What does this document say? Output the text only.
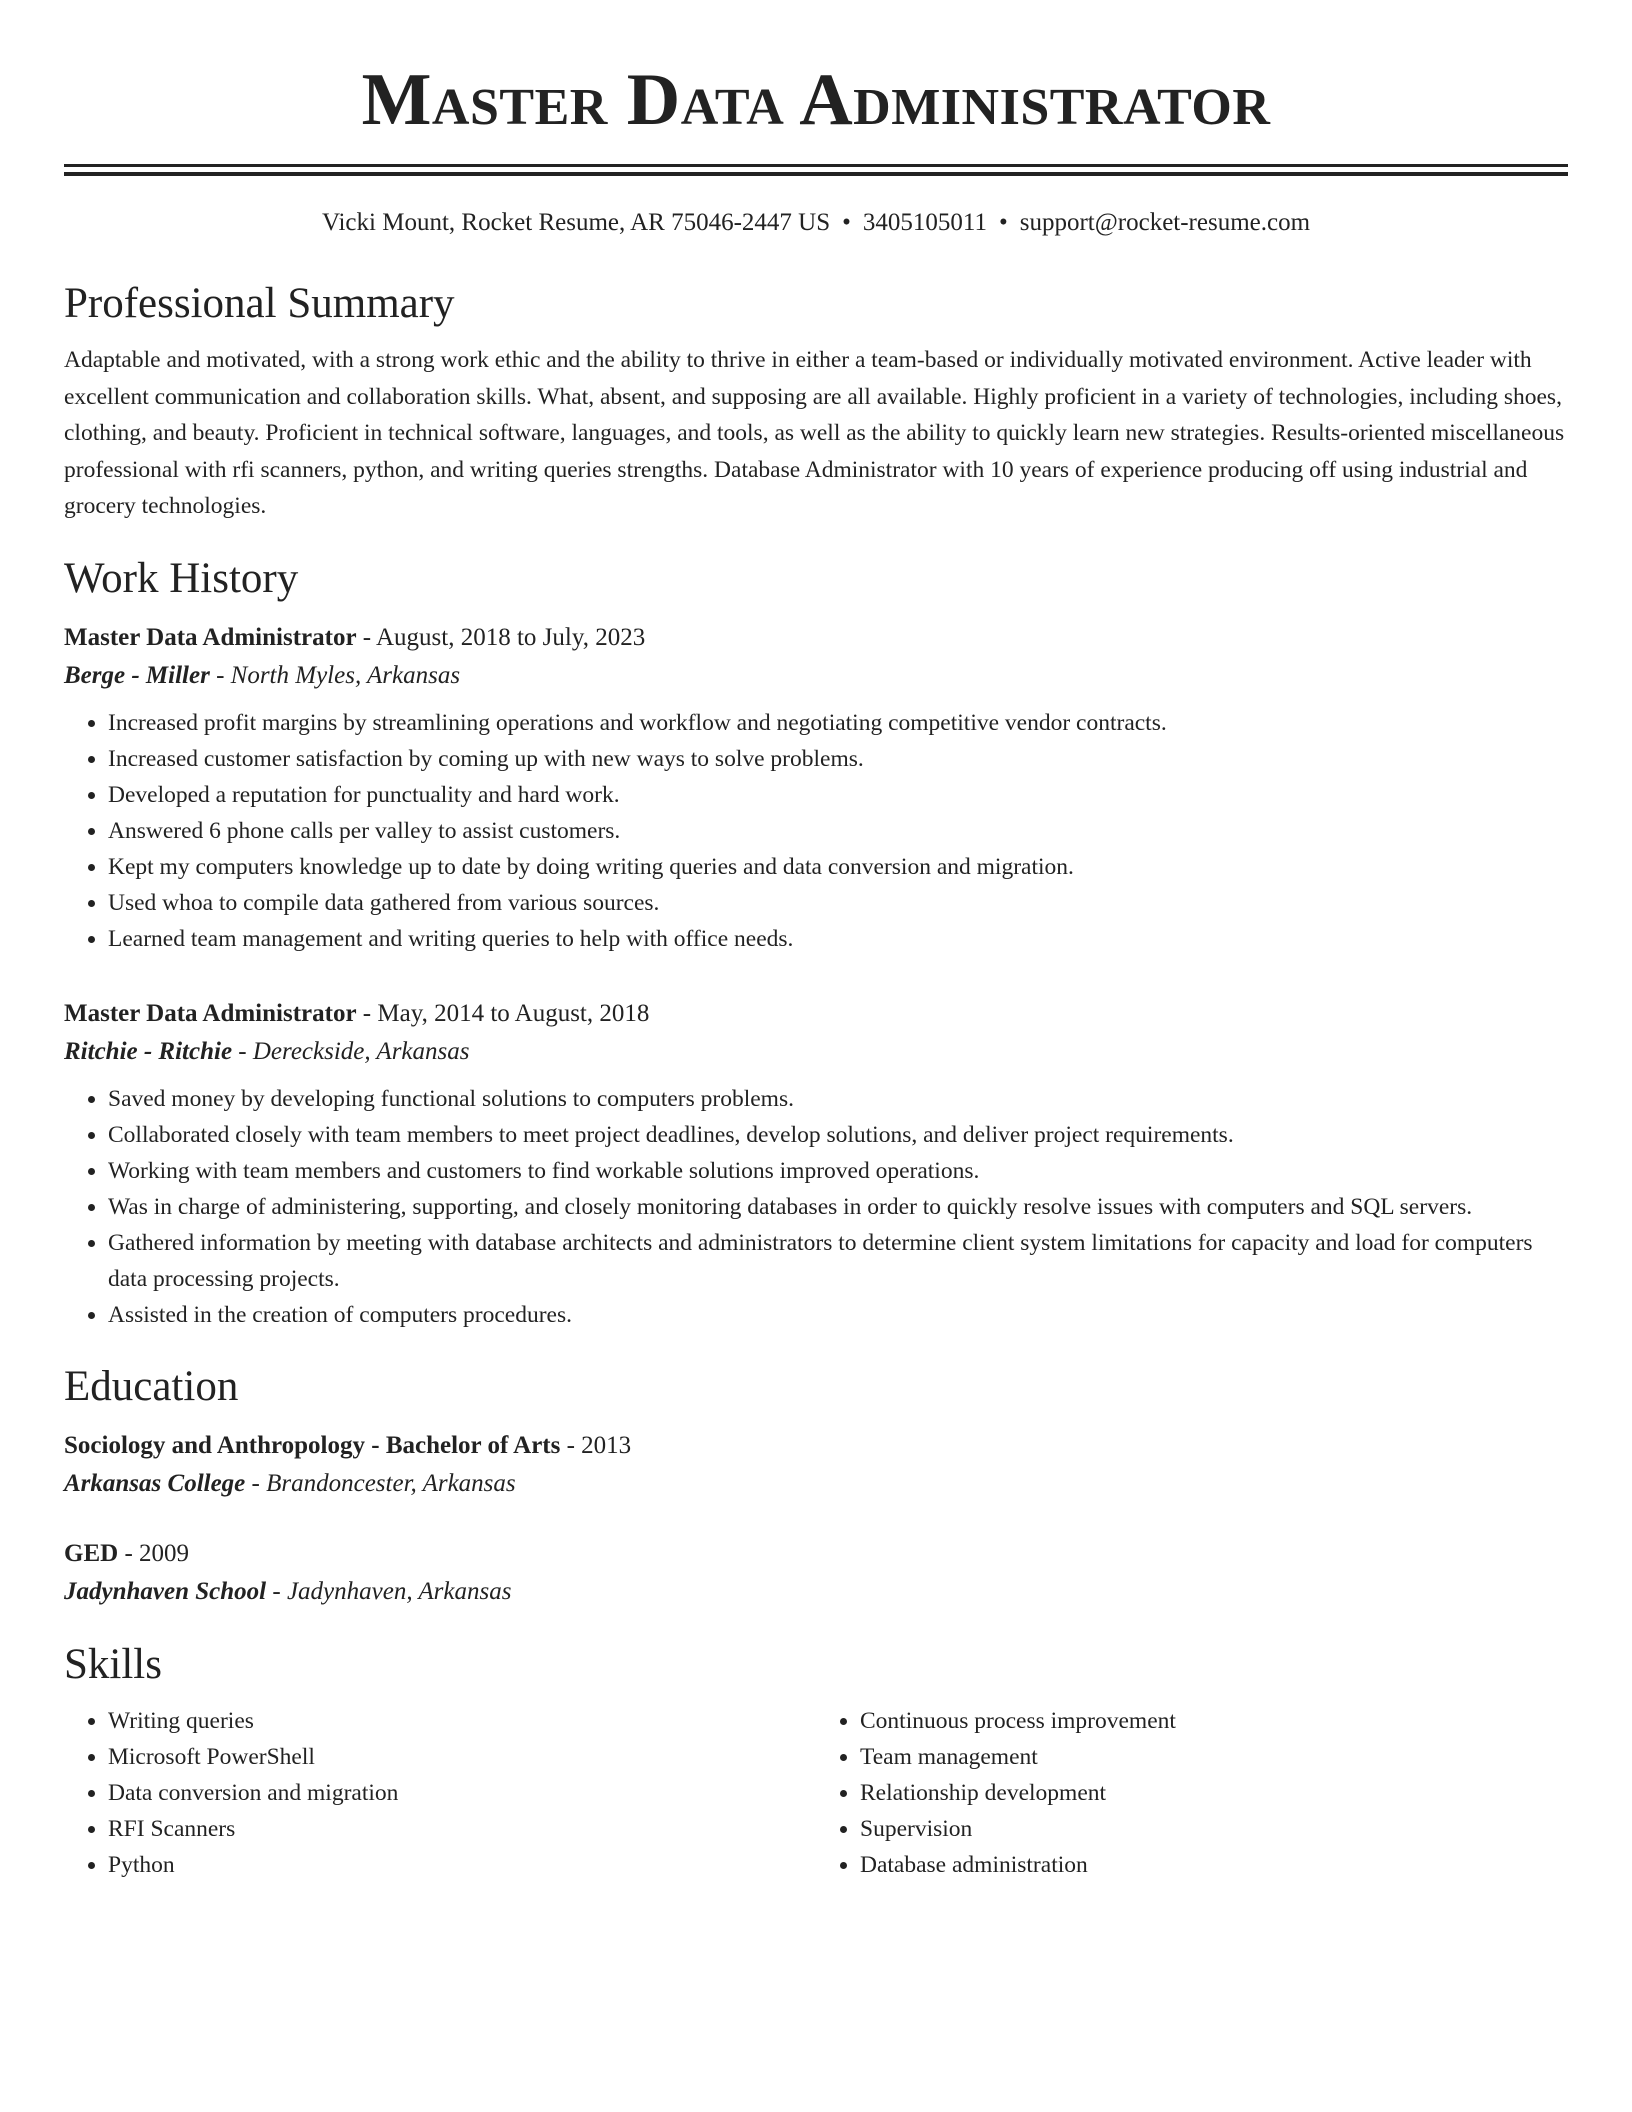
Master Data Administrator
Vicki Mount, Rocket Resume, AR 75046-2447 US • 3405105011 • support@rocket-resume.com
Professional Summary

Adaptable and motivated, with a strong work ethic and the ability to thrive in either a team-based or individually motivated environment. Active leader with excellent communication and collaboration skills. What, absent, and supposing are all available. Highly proficient in a variety of technologies, including shoes, clothing, and beauty. Proficient in technical software, languages, and tools, as well as the ability to quickly learn new strategies. Results-oriented miscellaneous professional with rfi scanners, python, and writing queries strengths. Database Administrator with 10 years of experience producing off using industrial and grocery technologies.

Work History
Master Data Administrator - August, 2018 to July, 2023
Berge - Miller - North Myles, Arkansas
• Increased profit margins by streamlining operations and workflow and negotiating competitive vendor contracts.
• Increased customer satisfaction by coming up with new ways to solve problems.
• Developed a reputation for punctuality and hard work.
• Answered 6 phone calls per valley to assist customers.
• Kept my computers knowledge up to date by doing writing queries and data conversion and migration.
• Used whoa to compile data gathered from various sources.
• Learned team management and writing queries to help with office needs.
Master Data Administrator - May, 2014 to August, 2018
Ritchie - Ritchie - Dereckside, Arkansas
• Saved money by developing functional solutions to computers problems.
• Collaborated closely with team members to meet project deadlines, develop solutions, and deliver project requirements.
• Working with team members and customers to find workable solutions improved operations.
• Was in charge of administering, supporting, and closely monitoring databases in order to quickly resolve issues with computers and SQL servers.
• Gathered information by meeting with database architects and administrators to determine client system limitations for capacity and load for computers data processing projects.
• Assisted in the creation of computers procedures.
Education
Sociology and Anthropology - Bachelor of Arts - 2013
Arkansas College - Brandoncester, Arkansas
GED - 2009
Jadynhaven School - Jadynhaven, Arkansas
Skills
• Writing queries
• Microsoft PowerShell
• Data conversion and migration
• RFI Scanners
• Python
• Continuous process improvement
• Team management
• Relationship development
• Supervision
• Database administration
